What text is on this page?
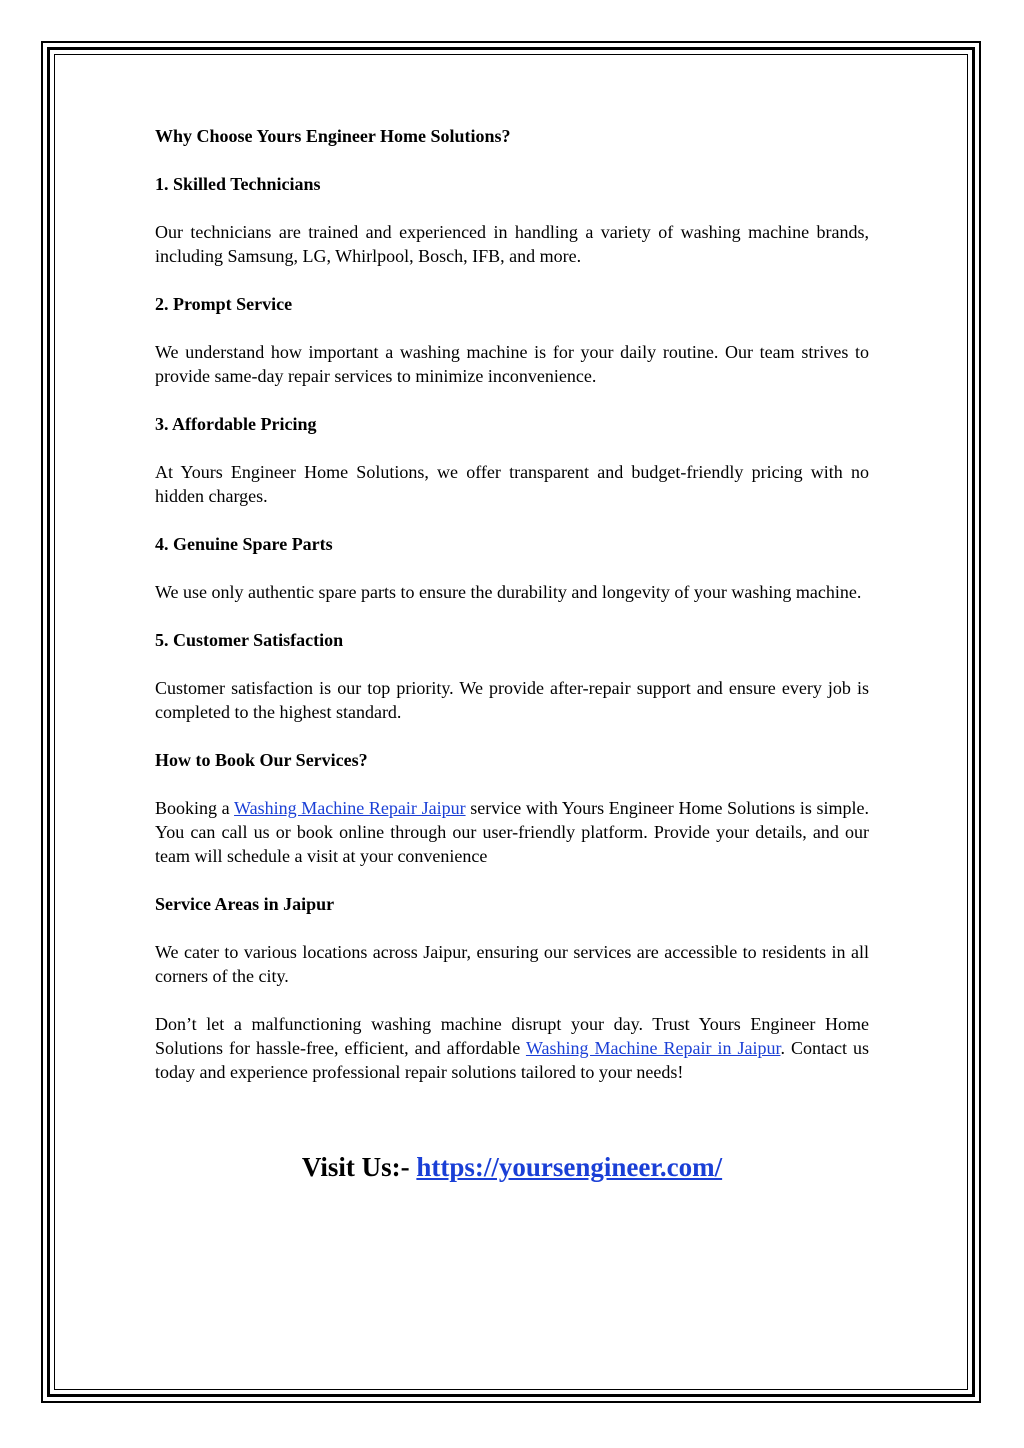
Why Choose Yours Engineer Home Solutions?
1. Skilled Technicians

Our technicians are trained and experienced in handling a variety of washing machine brands, including Samsung, LG, Whirlpool, Bosch, IFB, and more.

2. Prompt Service

We understand how important a washing machine is for your daily routine. Our team strives to provide same-day repair services to minimize inconvenience.

3. Affordable Pricing

At Yours Engineer Home Solutions, we offer transparent and budget-friendly pricing with no hidden charges.

4. Genuine Spare Parts

We use only authentic spare parts to ensure the durability and longevity of your washing machine.

5. Customer Satisfaction

Customer satisfaction is our top priority. We provide after-repair support and ensure every job is completed to the highest standard.

How to Book Our Services?

Booking a Washing Machine Repair Jaipur service with Yours Engineer Home Solutions is simple. You can call us or book online through our user-friendly platform. Provide your details, and our team will schedule a visit at your convenience

Service Areas in Jaipur

We cater to various locations across Jaipur, ensuring our services are accessible to residents in all corners of the city.

Don’t let a malfunctioning washing machine disrupt your day. Trust Yours Engineer Home Solutions for hassle-free, efficient, and affordable Washing Machine Repair in Jaipur. Contact us today and experience professional repair solutions tailored to your needs!

Visit Us:- https://yoursengineer.com/
